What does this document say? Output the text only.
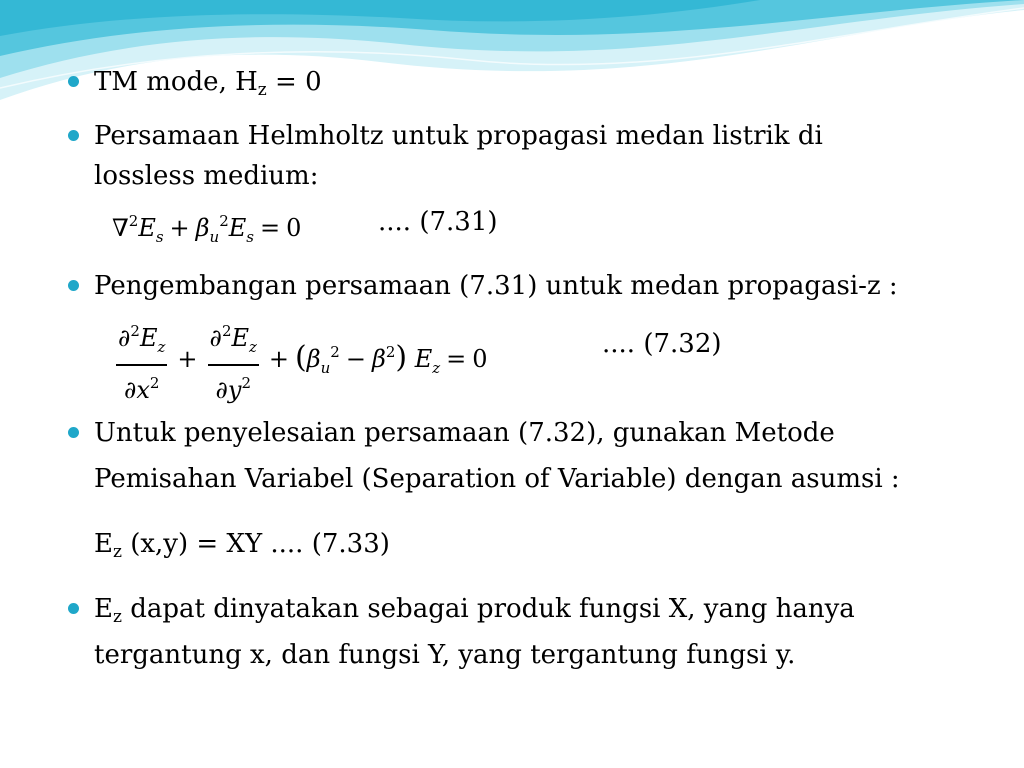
TM mode, $H_z = 0$
Persamaan Helmholtz untuk propagasi medan listrik di
lossless medium:
$\nabla^2E_s + \beta_u^2E_s = 0$	.... (7.31)
Pengembangan persamaan (7.31) untuk medan propagasi-z :
$\frac{\partial^2E_z}{\partial x^2} + \frac{\partial^2E_z}{\partial y^2} + (\beta_u^2 - \beta^2) E_z = 0$	.... (7.32)
Untuk penyelesaian persamaan (7.32), gunakan Metode
Pemisahan Variabel (Separation of Variable) dengan asumsi :
$E_z$ (x,y) = XY .... (7.33)
$E_z$ dapat dinyatakan sebagai produk fungsi X, yang hanya
tergantung x, dan fungsi Y, yang tergantung fungsi y.
